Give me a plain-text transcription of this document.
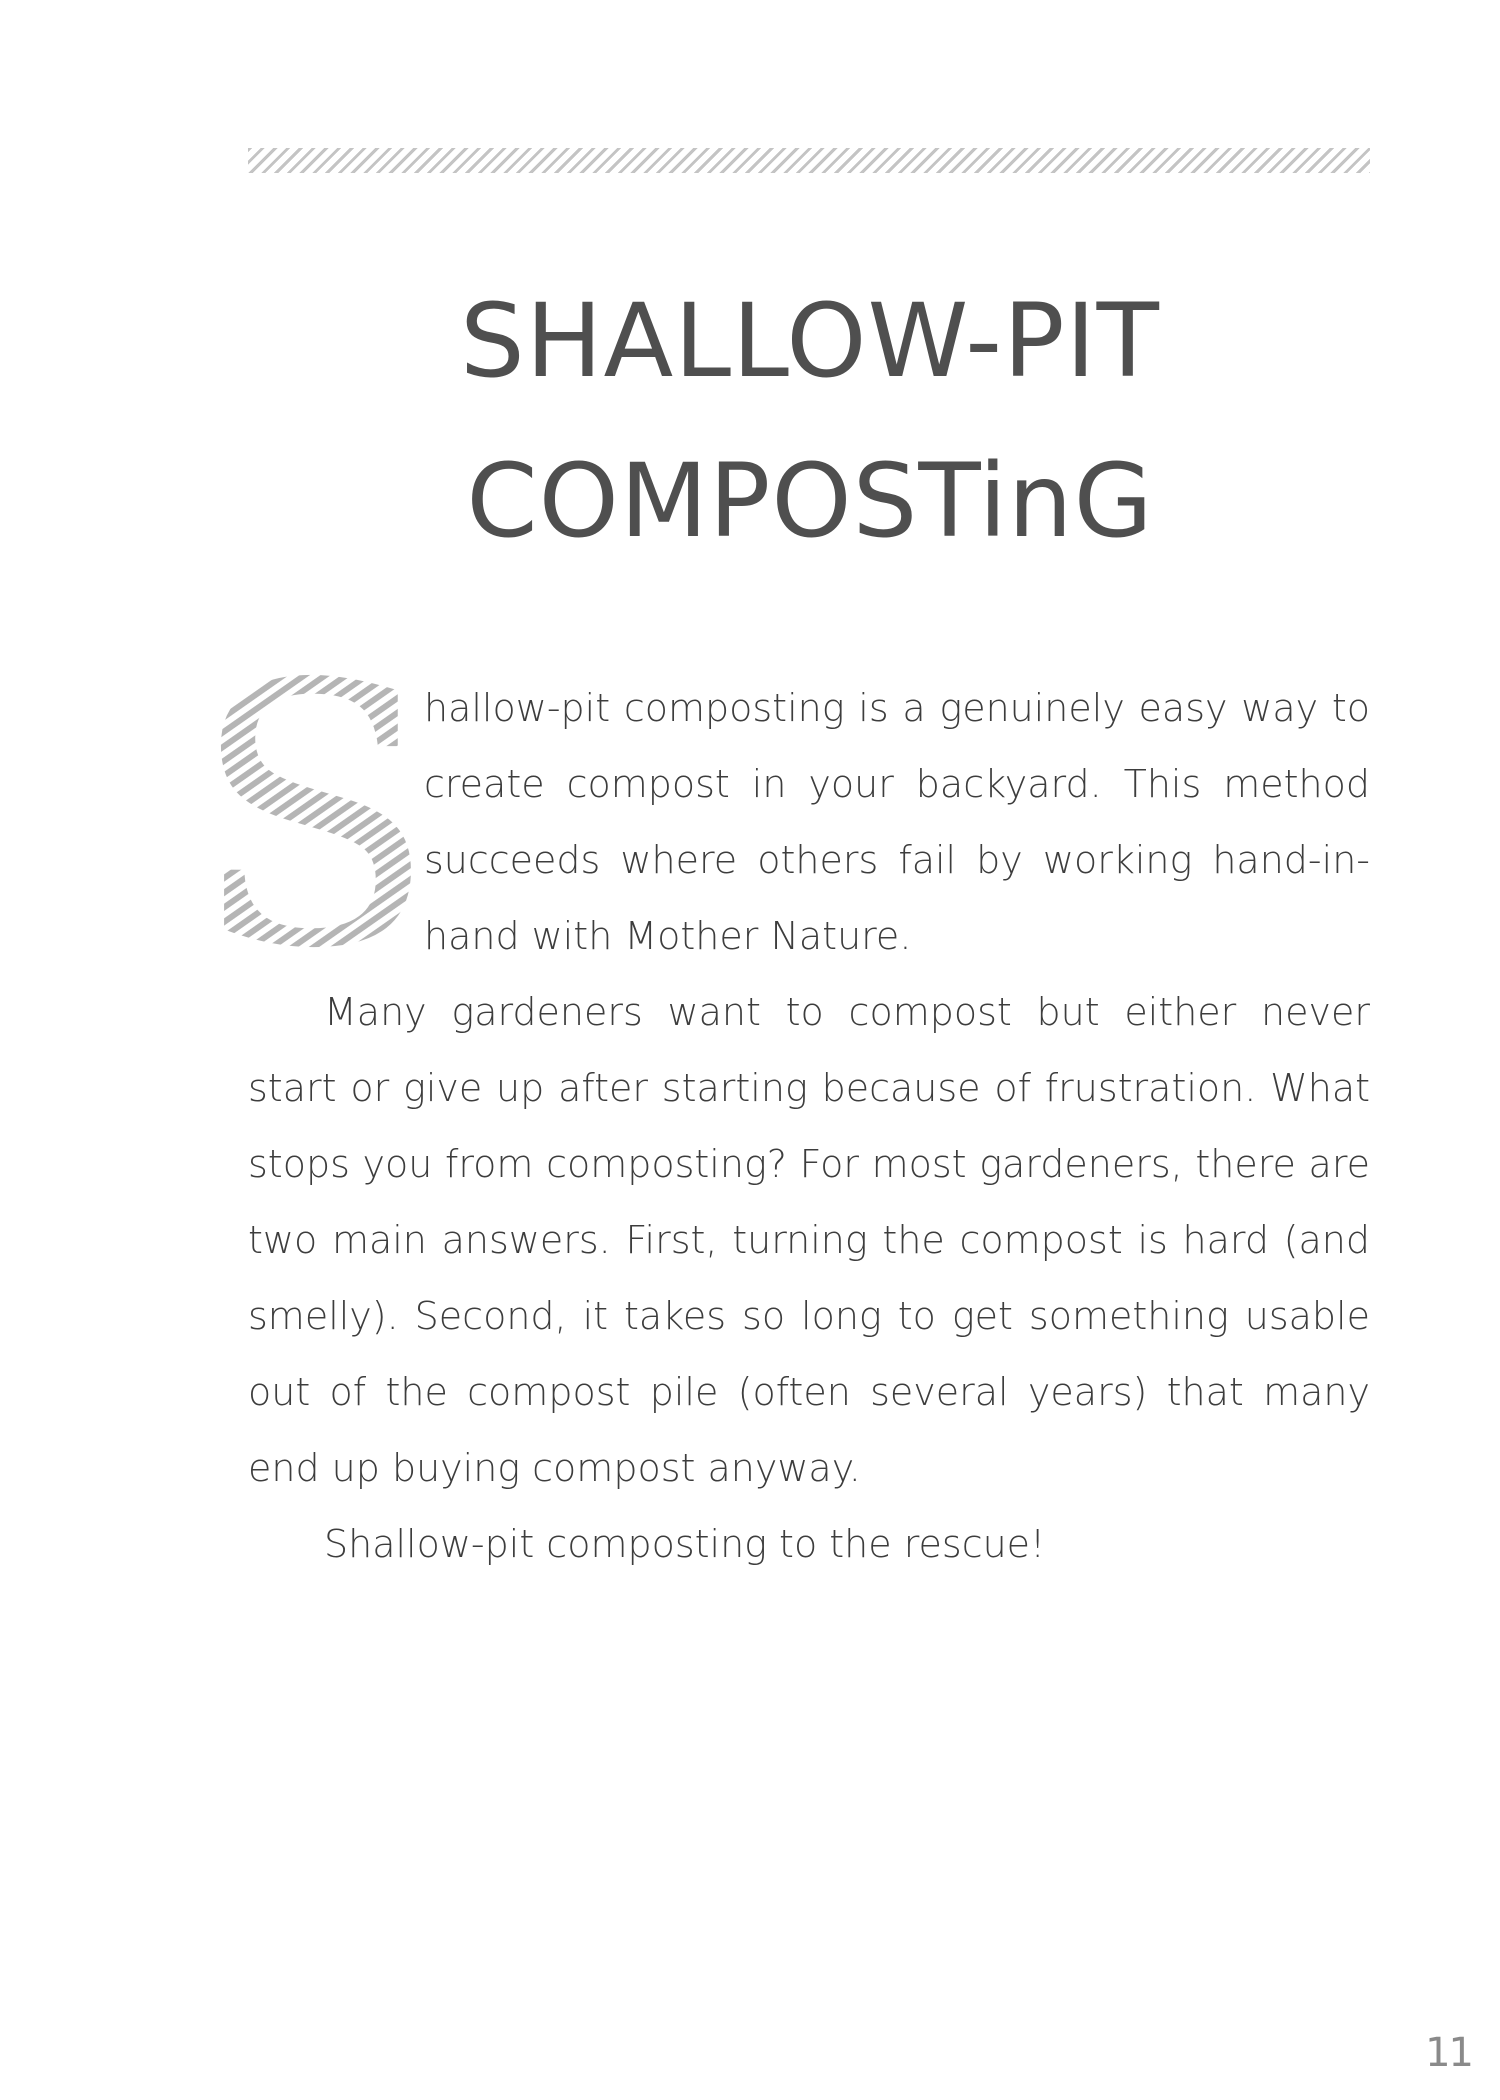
SHALLOW-PIT
COMPOSTinG
S

hallow-pit composting is a genuinely easy way to create compost in your backyard. This method succeeds where others fail by working hand-in-hand with Mother Nature.

Many gardeners want to compost but either never start or give up after starting because of frustration. What stops you from composting? For most gardeners, there are two main answers. First, turning the compost is hard (and smelly). Second, it takes so long to get something usable out of the compost pile (often several years) that many end up buying compost anyway.

Shallow-pit composting to the rescue!

11
